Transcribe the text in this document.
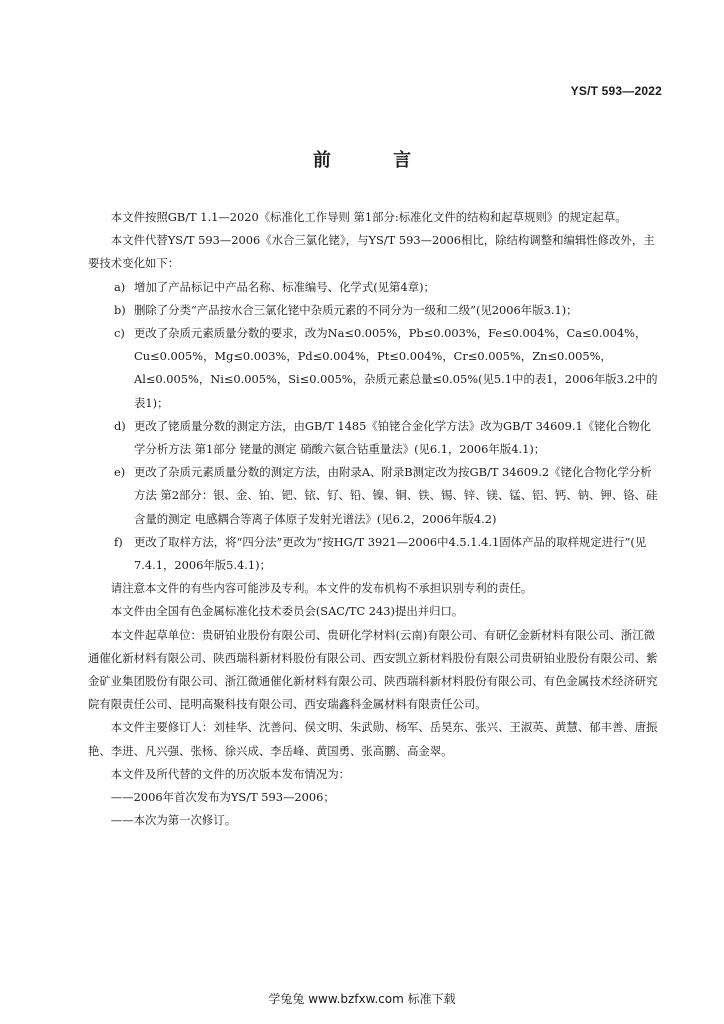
YS/T 593—2022
前 言

本文件按照GB/T 1.1—2020《标准化工作导则 第1部分:标准化文件的结构和起草规则》的规定起草。

本文件代替YS/T 593—2006《水合三氯化铑》，与YS/T 593—2006相比，除结构调整和编辑性修改外，主要技术变化如下：

a) 增加了产品标记中产品名称、标准编号、化学式(见第4章)；
b) 删除了分类“产品按水合三氯化铑中杂质元素的不同分为一级和二级”(见2006年版3.1)；
c) 更改了杂质元素质量分数的要求，改为Na≤0.005%，Pb≤0.003%，Fe≤0.004%，Ca≤0.004%，Cu≤0.005%，Mg≤0.003%，Pd≤0.004%，Pt≤0.004%，Cr≤0.005%，Zn≤0.005%，Al≤0.005%，Ni≤0.005%，Si≤0.005%，杂质元素总量≤0.05%(见5.1中的表1，2006年版3.2中的表1)；
d) 更改了铑质量分数的测定方法，由GB/T 1485《铂铑合金化学方法》改为GB/T 34609.1《铑化合物化学分析方法 第1部分 铑量的测定 硝酸六氨合钴重量法》(见6.1，2006年版4.1)；
e) 更改了杂质元素质量分数的测定方法，由附录A、附录B测定改为按GB/T 34609.2《铑化合物化学分析方法 第2部分：银、金、铂、钯、铱、钌、铅、镍、铜、铁、锡、锌、镁、锰、铝、钙、钠、钾、铬、硅含量的测定 电感耦合等离子体原子发射光谱法》(见6.2，2006年版4.2)
f) 更改了取样方法，将“四分法”更改为“按HG/T 3921—2006中4.5.1.4.1固体产品的取样规定进行”(见7.4.1，2006年版5.4.1)；

请注意本文件的有些内容可能涉及专利。本文件的发布机构不承担识别专利的责任。

本文件由全国有色金属标准化技术委员会(SAC/TC 243)提出并归口。

本文件起草单位：贵研铂业股份有限公司、贵研化学材料(云南)有限公司、有研亿金新材料有限公司、浙江微通催化新材料有限公司、陕西瑞科新材料股份有限公司、西安凯立新材料股份有限公司贵研铂业股份有限公司、紫金矿业集团股份有限公司、浙江微通催化新材料有限公司、陕西瑞科新材料股份有限公司、有色金属技术经济研究院有限责任公司、昆明高聚科技有限公司、西安瑞鑫科金属材料有限责任公司。

本文件主要修订人：刘桂华、沈善问、侯文明、朱武勋、杨军、岳昊东、张兴、王淑英、黄慧、郁丰善、唐振艳、李进、凡兴强、张杨、徐兴成、李岳峰、黄国勇、张高鹏、高金翠。

本文件及所代替的文件的历次版本发布情况为：

——2006年首次发布为YS/T 593—2006；

——本次为第一次修订。

学兔兔 www.bzfxw.com 标准下载
